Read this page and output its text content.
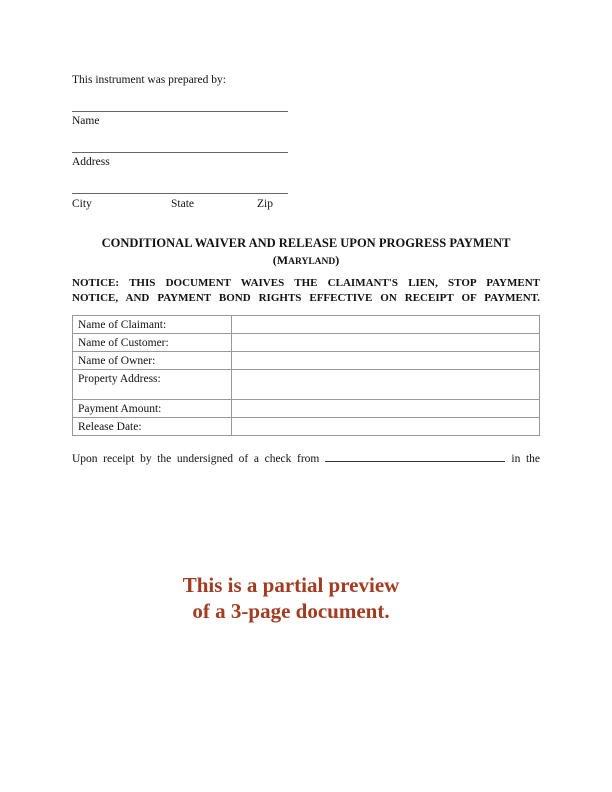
This instrument was prepared by:
Name
Address
City	State	Zip
CONDITIONAL WAIVER AND RELEASE UPON PROGRESS PAYMENT
(MARYLAND)
NOTICE: THIS DOCUMENT WAIVES THE CLAIMANT'S LIEN, STOP PAYMENT
NOTICE, AND PAYMENT BOND RIGHTS EFFECTIVE ON RECEIPT OF PAYMENT.
Name of Claimant:	
Name of Customer:	
Name of Owner:	
Property Address:	
Payment Amount:	
Release Date:	
Upon receipt by the undersigned of a check from	in the
This is a partial preview
of a 3-page document.
